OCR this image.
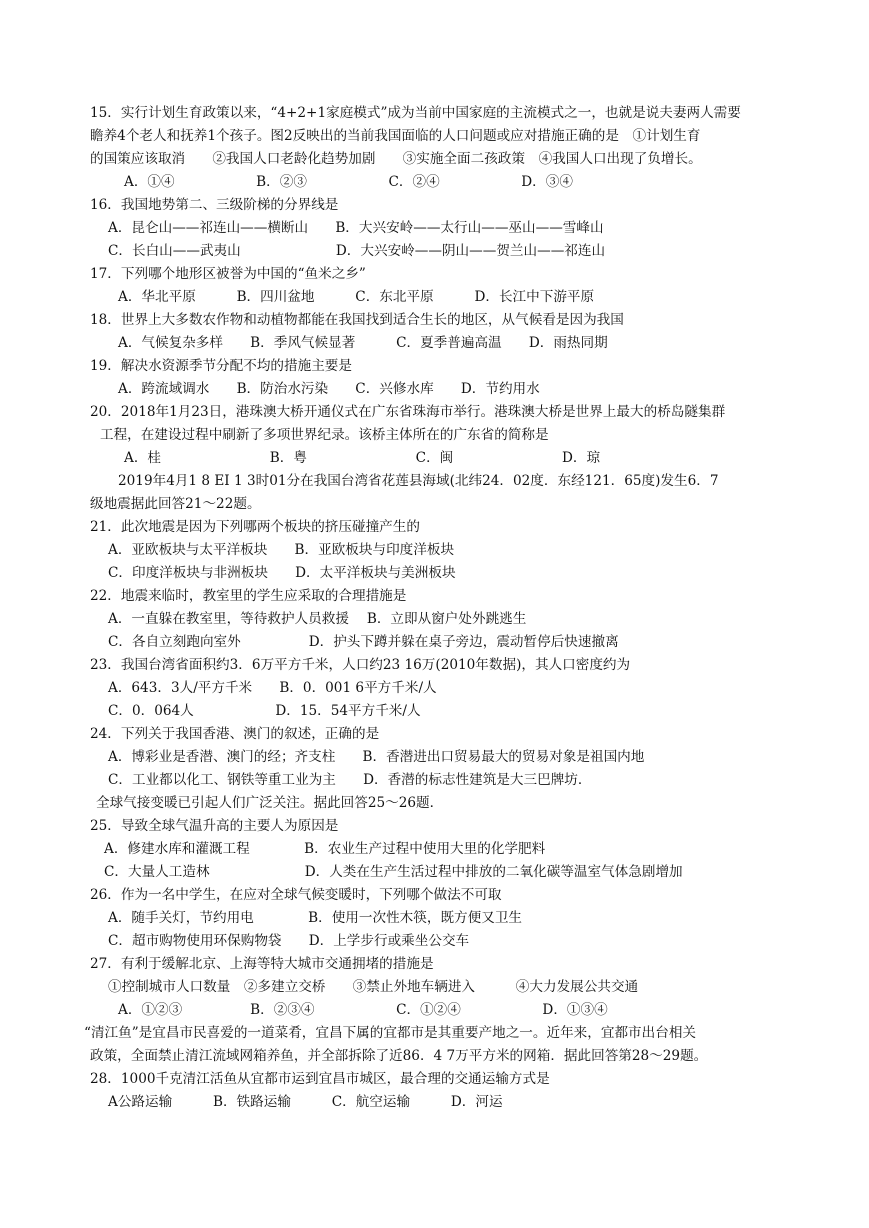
15．实行计划生育政策以来，“4+2+1家庭模式”成为当前中国家庭的主流模式之一，也就是说夫妻两人需要
瞻养4个老人和抚养1个孩子。图2反映出的当前我国面临的人口问题或应对措施正确的是　①计划生育
的国策应该取消　　②我国人口老龄化趋势加剧　　③实施全面二孩政策　④我国人口出现了负增长。
A．①④　　　　　　B．②③　　　　　　C．②④　　　　　　D．③④
16．我国地势第二、三级阶梯的分界线是
A．昆仑山——祁连山——横断山　　B．大兴安岭——太行山——巫山——雪峰山
C．长白山——武夷山　　　　　　　D．大兴安岭——阴山——贺兰山——祁连山
17．下列哪个地形区被誉为中国的“鱼米之乡”
A．华北平原　　　B．四川盆地　　　C．东北平原　　　D．长江中下游平原
18．世界上大多数农作物和动植物都能在我国找到适合生长的地区，从气候看是因为我国
A．气候复杂多样　　B．季风气候显著　　　C．夏季普遍高温　　D．雨热同期
19．解决水资源季节分配不均的措施主要是
A．跨流域调水　　B．防治水污染　　C．兴修水库　　D．节约用水
20．2018年1月23日，港珠澳大桥开通仪式在广东省珠海市举行。港珠澳大桥是世界上最大的桥岛隧集群
工程，在建设过程中刷新了多项世界纪录。该桥主体所在的广东省的简称是
A．桂　　　　　　　　B．粤　　　　　　　　C．闽　　　　　　　　D．琼
2019年4月1 8 EI 1 3时01分在我国台湾省花莲县海域(北纬24．02度．东经121．65度)发生6．7
级地震据此回答21～22题。
21．此次地震是因为下列哪两个板块的挤压碰撞产生的
A．亚欧板块与太平洋板块　　B．亚欧板块与印度洋板块
C．印度洋板块与非洲板块　　D．太平洋板块与美洲板块
22．地震来临时，教室里的学生应采取的合理措施是
A．一直躲在教室里，等待救护人员救援　 B．立即从窗户处外跳逃生
C．各自立刻跑向室外　　　　　D．护头下蹲并躲在桌子旁边，震动暂停后快速撤离
23．我国台湾省面积约3．6万平方千米，人口约23 16万(2010年数据)，其人口密度约为
A．643．3人/平方千米　　B．0．001 6平方千米/人
C．0．064人　　　　　　D．15．54平方千米/人
24．下列关于我国香港、澳门的叙述，正确的是
A．博彩业是香潜、澳门的经；齐支柱　　B．香潜进出口贸易最大的贸易对象是祖国内地
C．工业都以化工、钢铁等重工业为主　　D．香潜的标志性建筑是大三巴牌坊．
全球气接变暖已引起人们广泛关注。据此回答25～26题．
25．导致全球气温升高的主要人为原因是
A．修建水库和灌溉工程　　　　B．农业生产过程中使用大里的化学肥料
C．大量人工造林　　　　　　　D．人类在生产生活过程中排放的二氧化碳等温室气体急剧增加
26．作为一名中学生，在应对全球气候变暖时，下列哪个做法不可取
A．随手关灯，节约用电　　　　B．使用一次性木筷，既方便又卫生
C．超市购物使用环保购物袋　　D．上学步行或乘坐公交车
27．有利于缓解北京、上海等特大城市交通拥堵的措施是
①控制城市人口数量　②多建立交桥　　③禁止外地车辆进入　　　④大力发展公共交通
A．①②③　　　　　B．②③④　　　　　　C．①②④　　　　　　D．①③④
“清江鱼”是宜昌市民喜爱的一道菜肴，宜昌下属的宜都市是其重要产地之一。近年来，宜都市出台相关
政策，全面禁止清江流域网箱养鱼，并全部拆除了近86．4 7万平方米的网箱．据此回答第28～29题。
28．1000千克清江活鱼从宜都市运到宜昌市城区，最合理的交通运输方式是
A公路运输　　　B．铁路运输　　　C．航空运输　　　D．河运
